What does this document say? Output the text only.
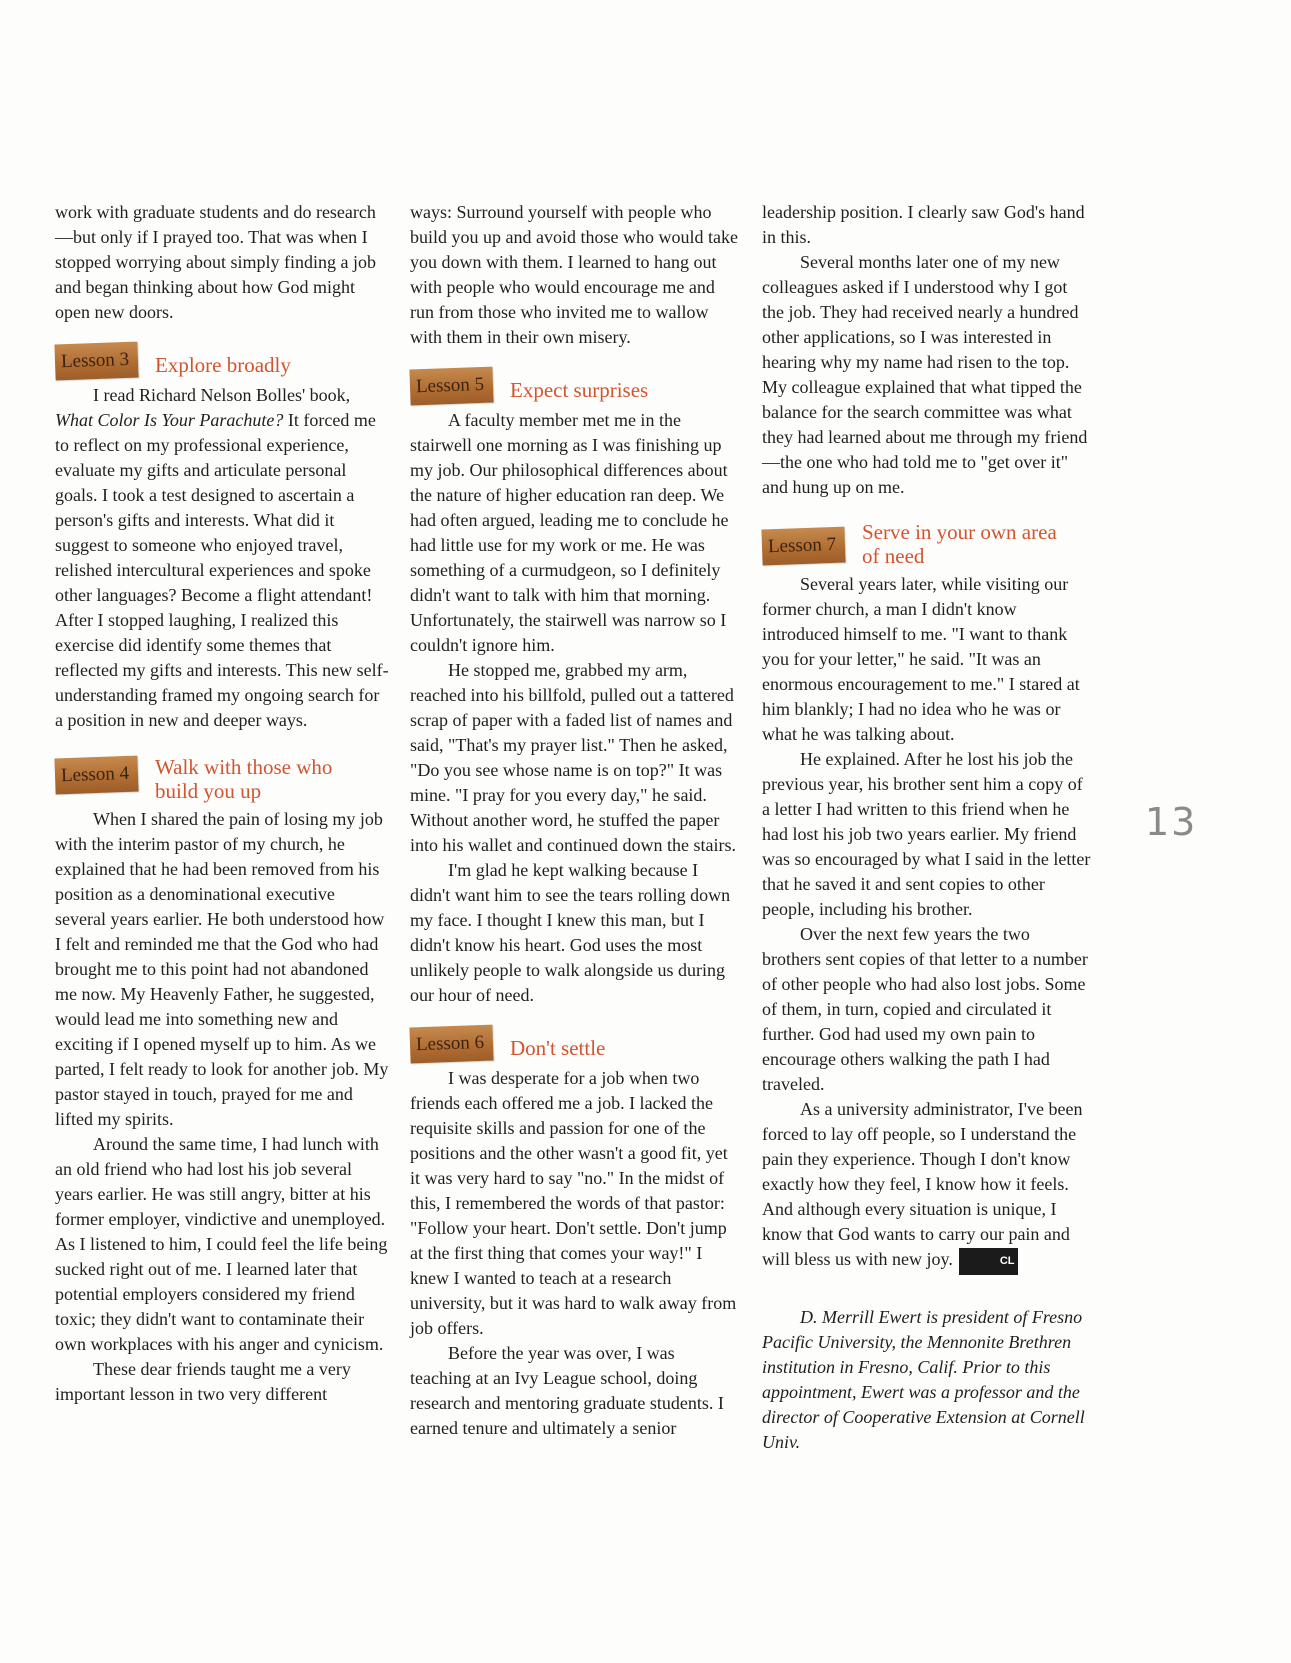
work with graduate students and do research—but only if I prayed too. That was when I stopped worrying about simply finding a job and began thinking about how God might open new doors.

Lesson 3	Explore broadly

I read Richard Nelson Bolles' book, What Color Is Your Parachute? It forced me to reflect on my professional experience, evaluate my gifts and articulate personal goals. I took a test designed to ascertain a person's gifts and interests. What did it suggest to someone who enjoyed travel, relished intercultural experiences and spoke other languages? Become a flight attendant! After I stopped laughing, I realized this exercise did identify some themes that reflected my gifts and interests. This new self-understanding framed my ongoing search for a position in new and deeper ways.

Lesson 4	Walk with those who
build you up

When I shared the pain of losing my job with the interim pastor of my church, he explained that he had been removed from his position as a denominational executive several years earlier. He both understood how I felt and reminded me that the God who had brought me to this point had not abandoned me now. My Heavenly Father, he suggested, would lead me into something new and exciting if I opened myself up to him. As we parted, I felt ready to look for another job. My pastor stayed in touch, prayed for me and lifted my spirits.

Around the same time, I had lunch with an old friend who had lost his job several years earlier. He was still angry, bitter at his former employer, vindictive and unemployed. As I listened to him, I could feel the life being sucked right out of me. I learned later that potential employers considered my friend toxic; they didn't want to contaminate their own workplaces with his anger and cynicism.

These dear friends taught me a very important lesson in two very different

ways: Surround yourself with people who build you up and avoid those who would take you down with them. I learned to hang out with people who would encourage me and run from those who invited me to wallow with them in their own misery.

Lesson 5	Expect surprises

A faculty member met me in the stairwell one morning as I was finishing up my job. Our philosophical differences about the nature of higher education ran deep. We had often argued, leading me to conclude he had little use for my work or me. He was something of a curmudgeon, so I definitely didn't want to talk with him that morning. Unfortunately, the stairwell was narrow so I couldn't ignore him.

He stopped me, grabbed my arm, reached into his billfold, pulled out a tattered scrap of paper with a faded list of names and said, "That's my prayer list." Then he asked, "Do you see whose name is on top?" It was mine. "I pray for you every day," he said. Without another word, he stuffed the paper into his wallet and continued down the stairs.

I'm glad he kept walking because I didn't want him to see the tears rolling down my face. I thought I knew this man, but I didn't know his heart. God uses the most unlikely people to walk alongside us during our hour of need.

Lesson 6	Don't settle

I was desperate for a job when two friends each offered me a job. I lacked the requisite skills and passion for one of the positions and the other wasn't a good fit, yet it was very hard to say "no." In the midst of this, I remembered the words of that pastor: "Follow your heart. Don't settle. Don't jump at the first thing that comes your way!" I knew I wanted to teach at a research university, but it was hard to walk away from job offers.

Before the year was over, I was teaching at an Ivy League school, doing research and mentoring graduate students. I earned tenure and ultimately a senior

leadership position. I clearly saw God's hand in this.

Several months later one of my new colleagues asked if I understood why I got the job. They had received nearly a hundred other applications, so I was interested in hearing why my name had risen to the top. My colleague explained that what tipped the balance for the search committee was what they had learned about me through my friend—the one who had told me to "get over it" and hung up on me.

Lesson 7
Serve in your own area
of need

Several years later, while visiting our former church, a man I didn't know introduced himself to me. "I want to thank you for your letter," he said. "It was an enormous encouragement to me." I stared at him blankly; I had no idea who he was or what he was talking about.

He explained. After he lost his job the previous year, his brother sent him a copy of a letter I had written to this friend when he had lost his job two years earlier. My friend was so encouraged by what I said in the letter that he saved it and sent copies to other people, including his brother.

Over the next few years the two brothers sent copies of that letter to a number of other people who had also lost jobs. Some of them, in turn, copied and circulated it further. God had used my own pain to encourage others walking the path I had traveled.

As a university administrator, I've been forced to lay off people, so I understand the pain they experience. Though I don't know exactly how they feel, I know how it feels. And although every situation is unique, I know that God wants to carry our pain and will bless us with new joy.	CL

D. Merrill Ewert is president of Fresno Pacific University, the Mennonite Brethren institution in Fresno, Calif. Prior to this appointment, Ewert was a professor and the director of Cooperative Extension at Cornell Univ.

13
